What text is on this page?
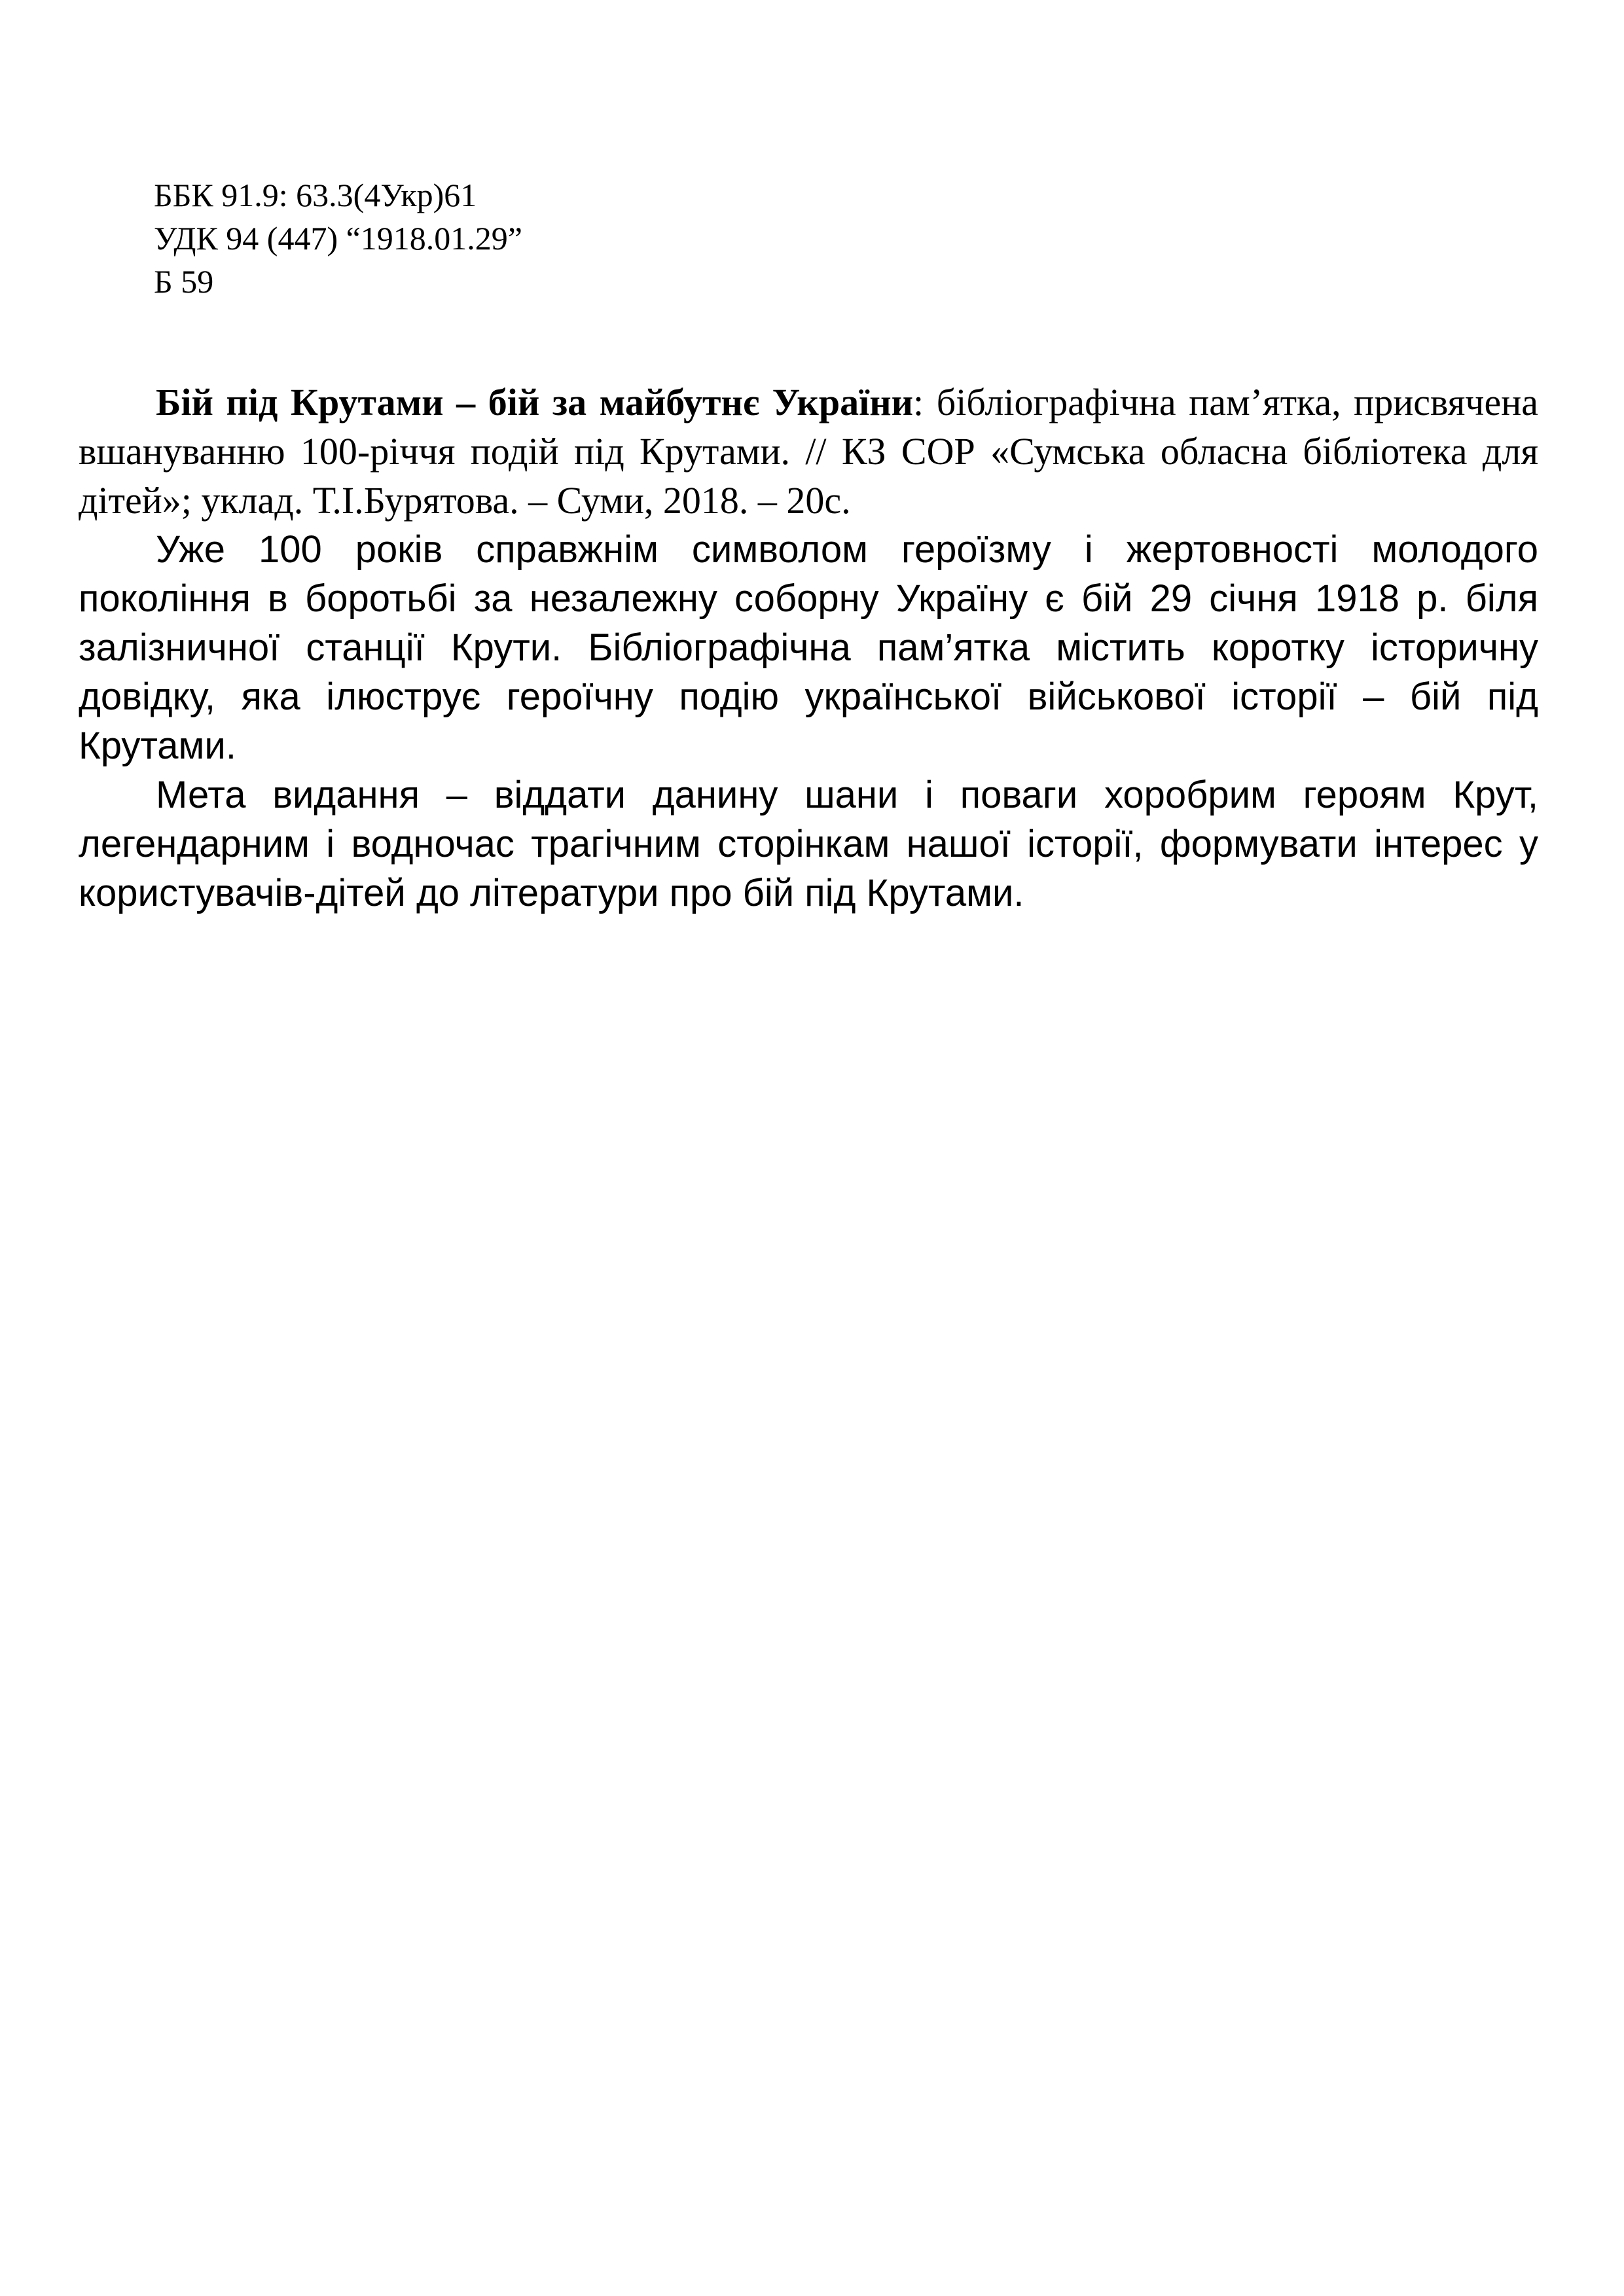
ББК 91.9: 63.3(4Укр)61
УДК 94 (447) “1918.01.29”
Б 59

Бій під Крутами – бій за майбутнє України: бібліографічна пам’ятка, присвячена вшануванню 100-річчя подій під Крутами. // КЗ СОР «Сумська обласна бібліотека для дітей»; уклад. Т.І.Бурятова. – Суми, 2018. – 20с.

Уже 100 років справжнім символом героїзму і жертовності молодого покоління в боротьбі за незалежну соборну Україну є бій 29 січня 1918 р. біля залізничної станції Крути. Бібліографічна пам’ятка містить коротку історичну довідку, яка ілюструє героїчну подію української військової історії – бій під Крутами.

Мета видання – віддати данину шани і поваги хоробрим героям Крут, легендарним і водночас трагічним сторінкам нашої історії, формувати інтерес у користувачів-дітей до літератури про бій під Крутами.
